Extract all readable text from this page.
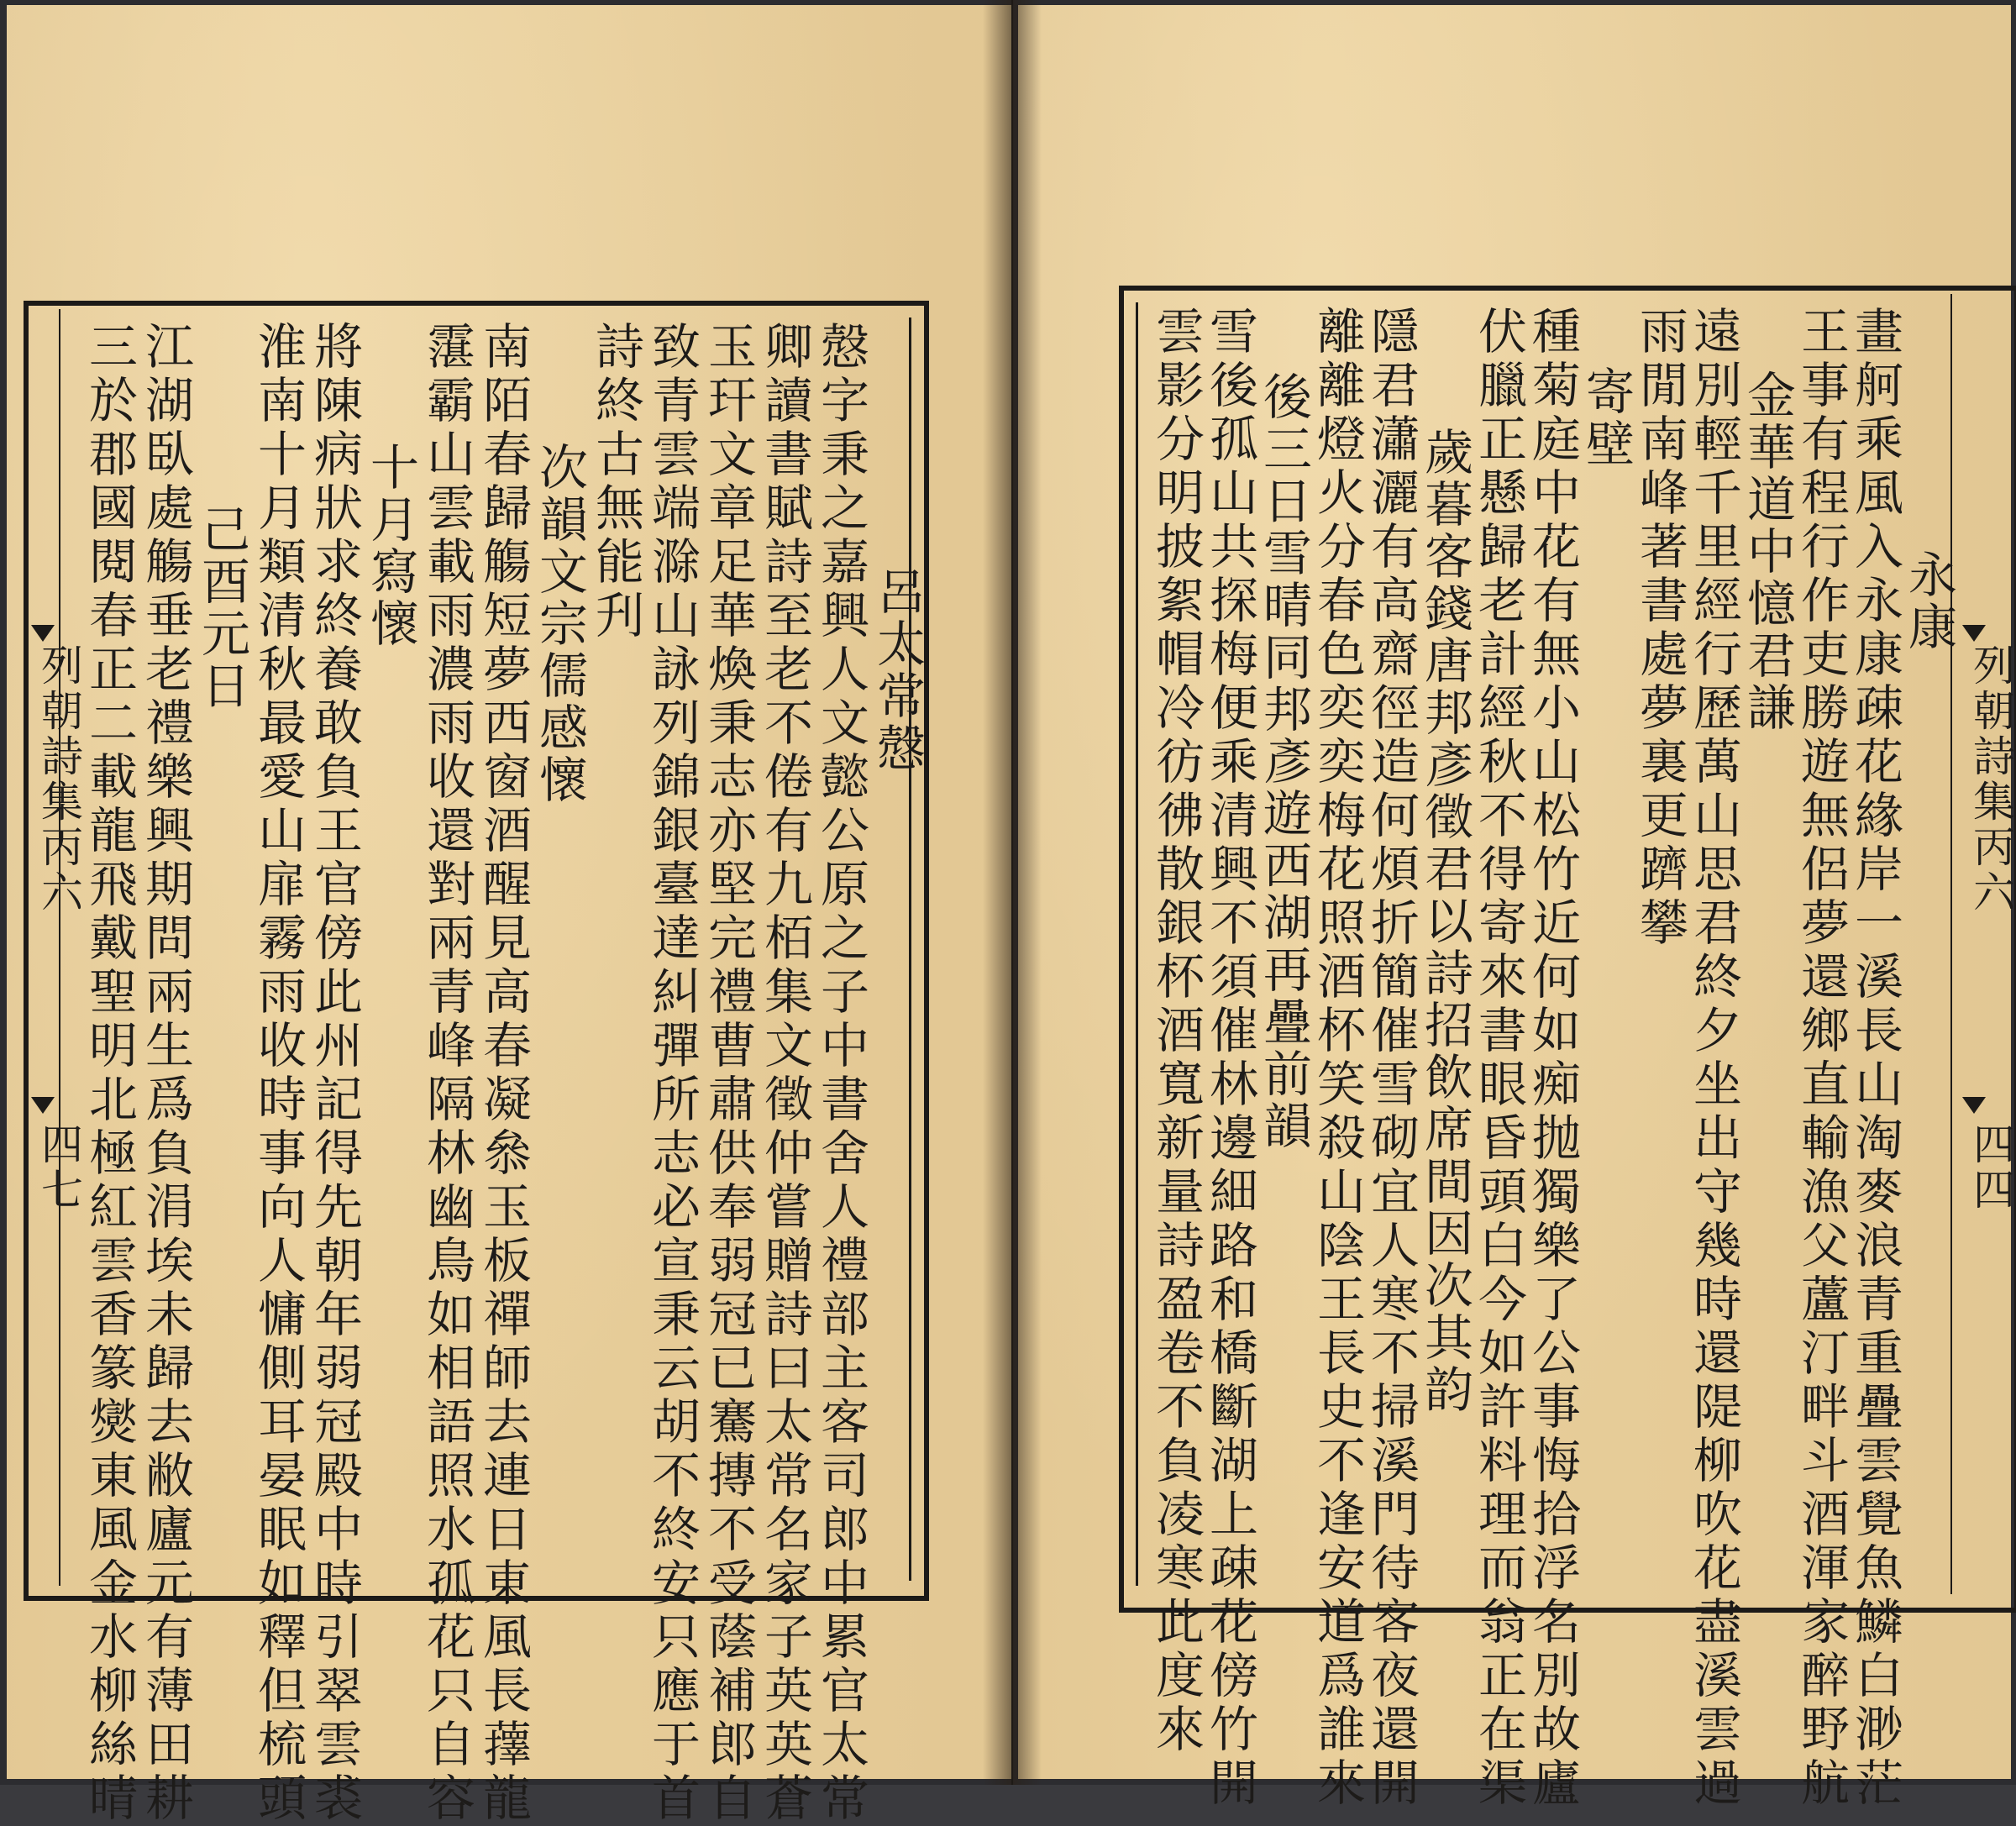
列朝詩集丙六
四七
三於郡國閱春正二載龍飛戴聖明北極紅雲香篆爕東風金水柳絲晴 江湖臥處觴垂老禮樂興期問兩生爲負涓埃未歸去敝廬元有薄田耕 己酉元日 淮南十月類清秋最愛山扉霧雨收時事向人慵側耳晏眠如釋但梳頭 將陳病狀求終養敢負王官傍此州記得先朝年弱冠殿中時引翠雲裘 十月寫懷 霮霸山雲載雨濃雨收還對兩青峰隔林幽鳥如相語照水孤花只自容 南陌春歸觴短夢西窗酒醒見高春凝叅玉板禪師去連日東風長蘀龍 次韻文宗儒感懷 詩終古無能刋 致青雲端滁山詠列錦銀臺達糾彈所志必宣秉云胡不終安只應于首 玉玕文章足華煥秉志亦堅完禮曹肅供奉弱冠已騫摶不受蔭補郎自 卿讀書賦詩至老不倦有九栢集文徵仲嘗贈詩曰太常名家子英英蒼 慤字秉之嘉興人文懿公原之子中書舍人禮部主客司郎中累官太常 呂太常慤	列朝詩集丙六
四四
雲影分明披絮帽冷彷彿散銀杯酒寬新量詩盈卷不負凌寒此度來
雪後孤山共探梅便乘清興不須催林邊細路和橋斷湖上疎花傍竹開
後三日雪晴同邦彥遊西湖再疊前韻
離離燈火分春色奕奕梅花照酒杯笑殺山陰王長史不逢安道爲誰來
隱君瀟灑有高齋徑造何煩折簡催雪砌宜人寒不掃溪門待客夜還開
歲暮客錢唐邦彥徵君以詩招飲席間因次其韵
伏臘正懸歸老計經秋不得寄來書眼昏頭白今如許料理而翁正在渠
種菊庭中花有無小山松竹近何如痴抛獨樂了公事悔拾浮名別故廬
寄壁
雨閒南峰著書處夢裏更躋攀
遠別輕千里經行歷萬山思君終夕坐出守幾時還隄柳吹花盡溪雲過
金華道中憶君謙
王事有程行作吏勝遊無侶夢還鄉直輸漁父蘆汀畔斗酒渾家醉野航
畫舸乘風入永康疎花緣岸一溪長山淘麥浪青重疊雲覺魚鱗白渺茫
永康
